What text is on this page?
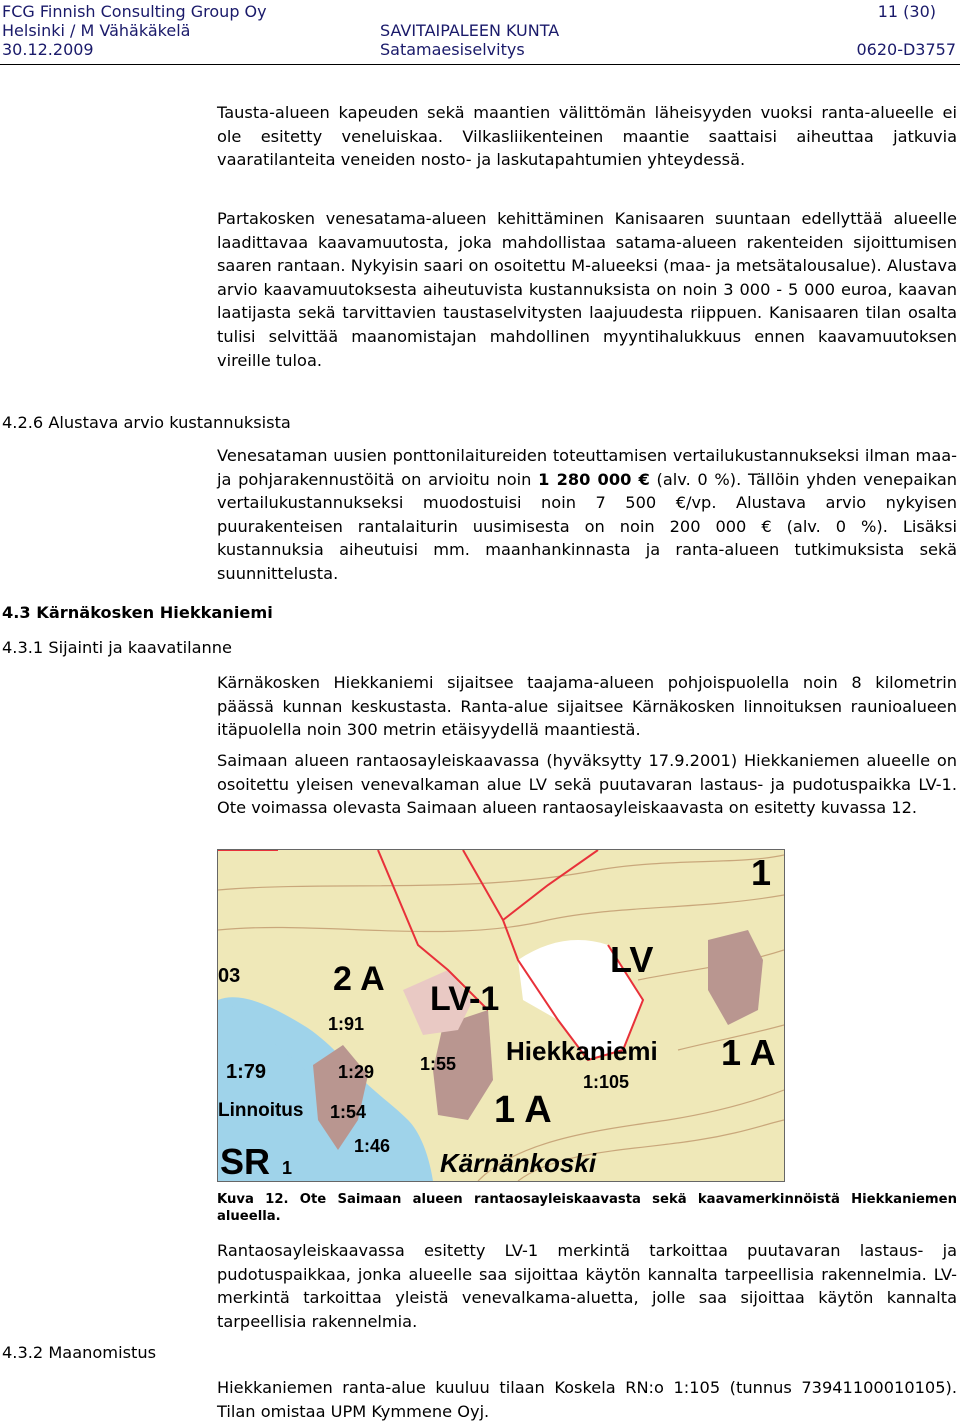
FCG Finnish Consulting Group Oy	11 (30)
Helsinki / M Vähäkäkelä	SAVITAIPALEEN KUNTA
30.12.2009	Satamaesiselvitys	0620-D3757
Tausta-alueen kapeuden sekä maantien välittömän läheisyyden vuoksi ranta-alueelle ei ole esitetty veneluiskaa. Vilkasliikenteinen maantie saattaisi aiheuttaa jatkuvia vaaratilanteita veneiden nosto- ja laskutapahtumien yhteydessä.
Partakosken venesatama-alueen kehittäminen Kanisaaren suuntaan edellyttää alueelle laadittavaa kaavamuutosta, joka mahdollistaa satama-alueen rakenteiden sijoittumisen saaren rantaan. Nykyisin saari on osoitettu M-alueeksi (maa- ja metsätalousalue). Alustava arvio kaavamuutoksesta aiheutuvista kustannuksista on noin 3 000 - 5 000 euroa, kaavan laatijasta sekä tarvittavien taustaselvitysten laajuudesta riippuen. Kanisaaren tilan osalta tulisi selvittää maanomistajan mahdollinen myyntihalukkuus ennen kaavamuutoksen vireille tuloa.
4.2.6 Alustava arvio kustannuksista
Venesataman uusien ponttonilaitureiden toteuttamisen vertailukustannukseksi ilman maa- ja pohjarakennustöitä on arvioitu noin 1 280 000 € (alv. 0 %). Tällöin yhden venepaikan vertailukustannukseksi muodostuisi noin 7 500 €/vp. Alustava arvio nykyisen puurakenteisen rantalaiturin uusimisesta on noin 200 000 € (alv. 0 %). Lisäksi kustannuksia aiheutuisi mm. maanhankinnasta ja ranta-alueen tutkimuksista sekä suunnittelusta.
4.3 Kärnäkosken Hiekkaniemi
4.3.1 Sijainti ja kaavatilanne
Kärnäkosken Hiekkaniemi sijaitsee taajama-alueen pohjoispuolella noin 8 kilometrin päässä kunnan keskustasta. Ranta-alue sijaitsee Kärnäkosken linnoituksen raunioalueen itäpuolella noin 300 metrin etäisyydellä maantiestä.
Saimaan alueen rantaosayleiskaavassa (hyväksytty 17.9.2001) Hiekkaniemen alueelle on osoitettu yleisen venevalkaman alue LV sekä puutavaran lastaus- ja pudotuspaikka LV-1. Ote voimassa olevasta Saimaan alueen rantaosayleiskaavasta on esitetty kuvassa 12.
1
LV
03	2 A
LV-1
1:91
Hiekkaniemi 1 A
1:79	1:29	1:55
1:105
Linnoitus 1:54	1 A
SR 1
1:46
Kärnänkoski
Kuva 12. Ote Saimaan alueen rantaosayleiskaavasta sekä kaavamerkinnöistä Hiekkaniemen alueella.
Rantaosayleiskaavassa esitetty LV-1 merkintä tarkoittaa puutavaran lastaus- ja pudotuspaikkaa, jonka alueelle saa sijoittaa käytön kannalta tarpeellisia rakennelmia. LV-merkintä tarkoittaa yleistä venevalkama-aluetta, jolle saa sijoittaa käytön kannalta tarpeellisia rakennelmia.
4.3.2 Maanomistus
Hiekkaniemen ranta-alue kuuluu tilaan Koskela RN:o 1:105 (tunnus 73941100010105). Tilan omistaa UPM Kymmene Oyj.
